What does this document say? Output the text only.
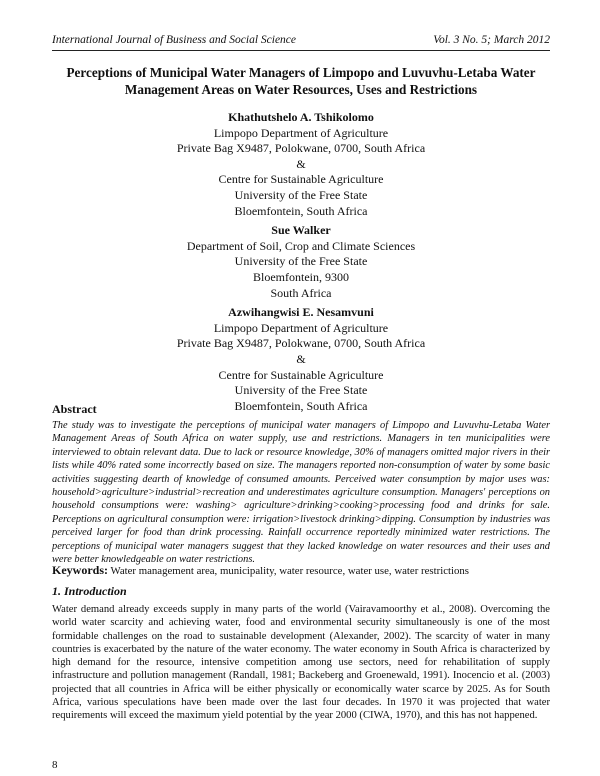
International Journal of Business and Social Science	Vol. 3 No. 5; March 2012
Perceptions of Municipal Water Managers of Limpopo and Luvuvhu-Letaba Water Management Areas on Water Resources, Uses and Restrictions
Khathutshelo A. Tshikolomo
Limpopo Department of Agriculture
Private Bag X9487, Polokwane, 0700, South Africa
&
Centre for Sustainable Agriculture
University of the Free State
Bloemfontein, South Africa
Sue Walker
Department of Soil, Crop and Climate Sciences
University of the Free State
Bloemfontein, 9300
South Africa
Azwihangwisi E. Nesamvuni
Limpopo Department of Agriculture
Private Bag X9487, Polokwane, 0700, South Africa
&
Centre for Sustainable Agriculture
University of the Free State
Bloemfontein, South Africa
Abstract
The study was to investigate the perceptions of municipal water managers of Limpopo and Luvuvhu-Letaba Water Management Areas of South Africa on water supply, use and restrictions. Managers in ten municipalities were interviewed to obtain relevant data. Due to lack or resource knowledge, 30% of managers omitted major rivers in their lists while 40% rated some incorrectly based on size. The managers reported non-consumption of water by some basic activities suggesting dearth of knowledge of consumed amounts. Perceived water consumption by major uses was: household>agriculture>industrial>recreation and underestimates agriculture consumption. Managers' perceptions on household consumptions were: washing> agriculture>drinking>cooking>processing food and drinks for sale. Perceptions on agricultural consumption were: irrigation>livestock drinking>dipping. Consumption by industries was perceived larger for food than drink processing. Rainfall occurrence reportedly minimized water restrictions. The perceptions of municipal water managers suggest that they lacked knowledge on water resources and their uses and were better knowledgeable on water restrictions.
Keywords: Water management area, municipality, water resource, water use, water restrictions
1. Introduction
Water demand already exceeds supply in many parts of the world (Vairavamoorthy et al., 2008). Overcoming the world water scarcity and achieving water, food and environmental security simultaneously is one of the most formidable challenges on the road to sustainable development (Alexander, 2002). The scarcity of water in many countries is exacerbated by the nature of the water economy. The water economy in South Africa is characterized by high demand for the resource, intensive competition among use sectors, need for rehabilitation of supply infrastructure and pollution management (Randall, 1981; Backeberg and Groenewald, 1991). Inocencio et al. (2003) projected that all countries in Africa will be either physically or economically water scarce by 2025. As for South Africa, various speculations have been made over the last four decades. In 1970 it was projected that water requirements will exceed the maximum yield potential by the year 2000 (CIWA, 1970), and this has not happened.
8
